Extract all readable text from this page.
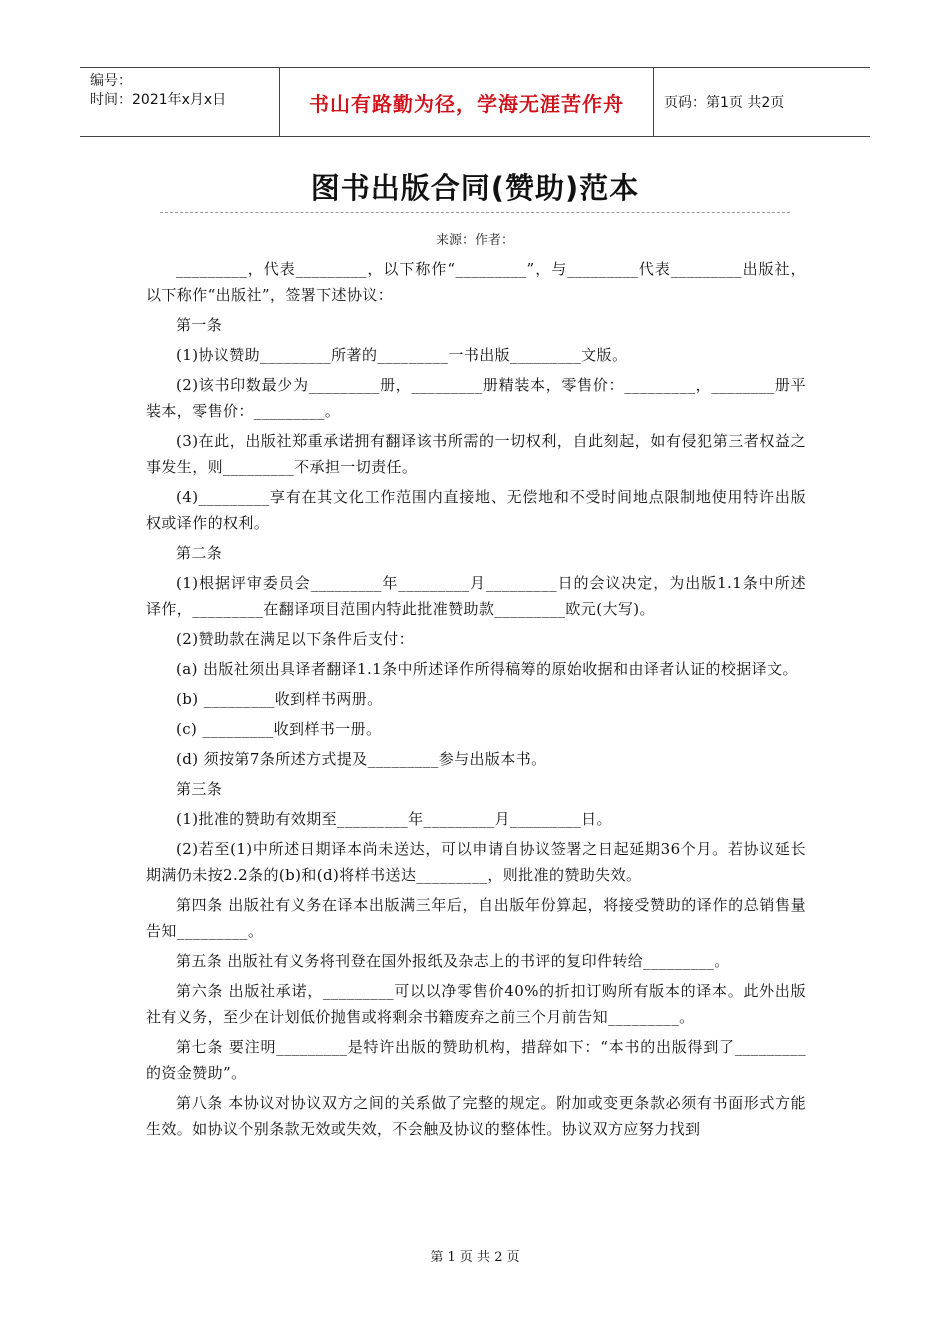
编号：
时间：2021年x月x日	书山有路勤为径，学海无涯苦作舟	页码：第1页 共2页
图书出版合同(赞助)范本
来源：作者：

_________，代表_________，以下称作“_________”，与_________代表_________出版社，以下称作“出版社”，签署下述协议：

第一条

(1)协议赞助_________所著的_________一书出版_________文版。

(2)该书印数最少为_________册，_________册精装本，零售价：_________，________册平装本，零售价：_________。

(3)在此，出版社郑重承诺拥有翻译该书所需的一切权利，自此刻起，如有侵犯第三者权益之事发生，则_________不承担一切责任。

(4)_________享有在其文化工作范围内直接地、无偿地和不受时间地点限制地使用特许出版权或译作的权利。

第二条

(1)根据评审委员会_________年_________月_________日的会议决定，为出版1.1条中所述译作，_________在翻译项目范围内特此批准赞助款_________欧元(大写)。

(2)赞助款在满足以下条件后支付：

(a) 出版社须出具译者翻译1.1条中所述译作所得稿筹的原始收据和由译者认证的校据译文。

(b) _________收到样书两册。

(c) _________收到样书一册。

(d) 须按第7条所述方式提及_________参与出版本书。

第三条

(1)批准的赞助有效期至_________年_________月_________日。

(2)若至(1)中所述日期译本尚未送达，可以申请自协议签署之日起延期36个月。若协议延长期满仍未按2.2条的(b)和(d)将样书送达_________，则批准的赞助失效。

第四条 出版社有义务在译本出版满三年后，自出版年份算起，将接受赞助的译作的总销售量告知_________。

第五条 出版社有义务将刊登在国外报纸及杂志上的书评的复印件转给_________。

第六条 出版社承诺，_________可以以净零售价40%的折扣订购所有版本的译本。此外出版社有义务，至少在计划低价抛售或将剩余书籍废弃之前三个月前告知_________。

第七条 要注明_________是特许出版的赞助机构，措辞如下：“本书的出版得到了_________的资金赞助”。

第八条 本协议对协议双方之间的关系做了完整的规定。附加或变更条款必须有书面形式方能生效。如协议个别条款无效或失效，不会触及协议的整体性。协议双方应努力找到

第 1 页 共 2 页
